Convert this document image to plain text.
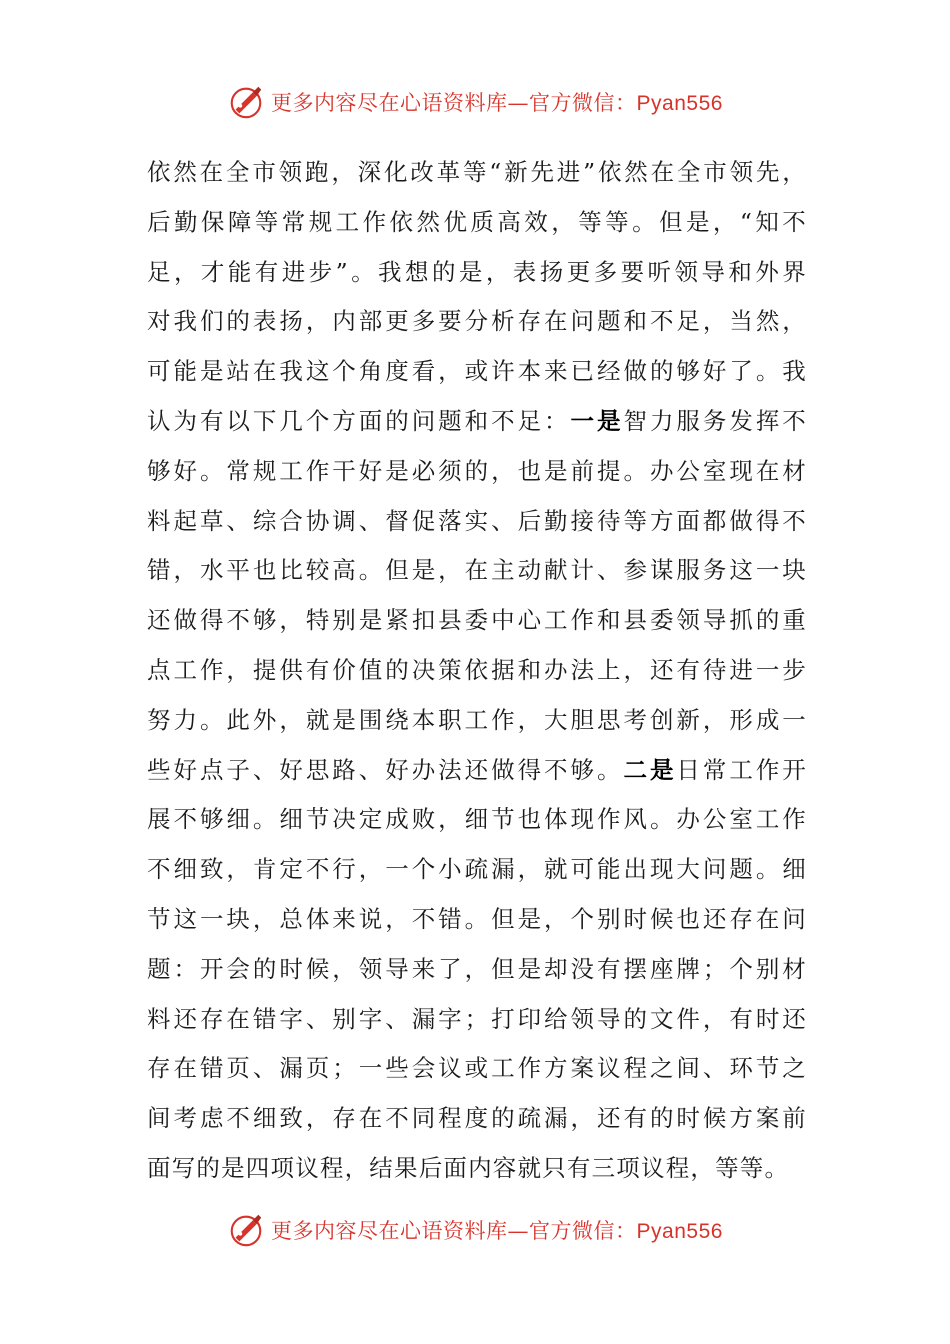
更多内容尽在心语资料库—官方微信：Pyan556
依然在全市领跑，深化改革等“新先进”依然在全市领先，
后勤保障等常规工作依然优质高效，等等。但是，“知不
足，才能有进步”。我想的是，表扬更多要听领导和外界
对我们的表扬，内部更多要分析存在问题和不足，当然，
可能是站在我这个角度看，或许本来已经做的够好了。我
认为有以下几个方面的问题和不足：一是智力服务发挥不
够好。常规工作干好是必须的，也是前提。办公室现在材
料起草、综合协调、督促落实、后勤接待等方面都做得不
错，水平也比较高。但是，在主动献计、参谋服务这一块
还做得不够，特别是紧扣县委中心工作和县委领导抓的重
点工作，提供有价值的决策依据和办法上，还有待进一步
努力。此外，就是围绕本职工作，大胆思考创新，形成一
些好点子、好思路、好办法还做得不够。二是日常工作开
展不够细。细节决定成败，细节也体现作风。办公室工作
不细致，肯定不行，一个小疏漏，就可能出现大问题。细
节这一块，总体来说，不错。但是，个别时候也还存在问
题：开会的时候，领导来了，但是却没有摆座牌；个别材
料还存在错字、别字、漏字；打印给领导的文件，有时还
存在错页、漏页；一些会议或工作方案议程之间、环节之
间考虑不细致，存在不同程度的疏漏，还有的时候方案前
面写的是四项议程，结果后面内容就只有三项议程，等等。
更多内容尽在心语资料库—官方微信：Pyan556
